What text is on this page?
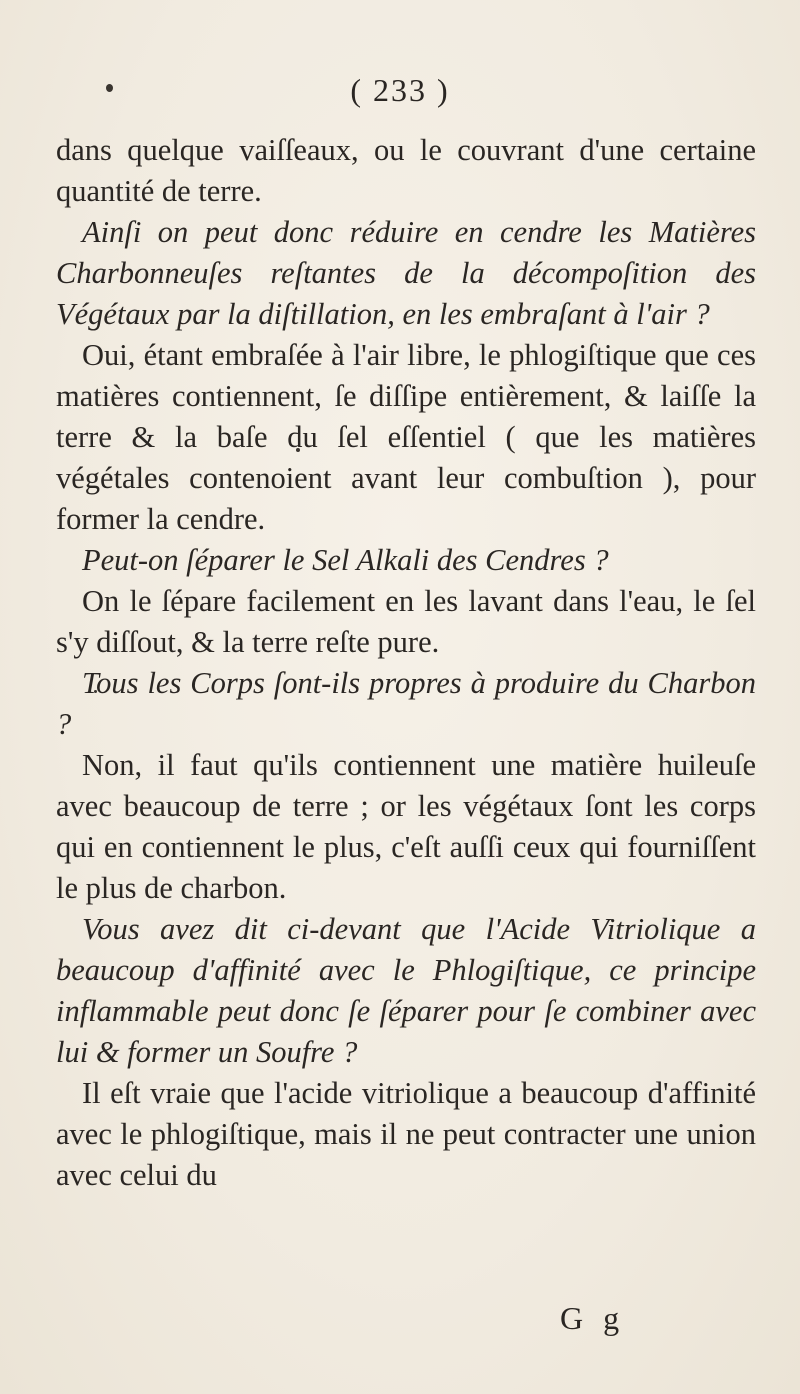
( 233 )

dans quelque vaiſſeaux, ou le couvrant d'une certaine quantité de terre.

Ainſi on peut donc réduire en cendre les Matières Charbonneuſes reſtantes de la décompoſition des Végétaux par la diſtillation, en les embraſant à l'air ?

Oui, étant embraſée à l'air libre, le phlogiſtique que ces matières contiennent, ſe diſſipe entièrement, & laiſſe la terre & la baſe du ſel eſſentiel ( que les matières végétales contenoient avant leur combuſtion ), pour former la cendre.

Peut-on ſéparer le Sel Alkali des Cendres ?

On le ſépare facilement en les lavant dans l'eau, le ſel s'y diſſout, & la terre reſte pure.

Tous les Corps ſont-ils propres à produire du Charbon ?

Non, il faut qu'ils contiennent une matière huileuſe avec beaucoup de terre ; or les végétaux ſont les corps qui en contiennent le plus, c'eſt auſſi ceux qui fourniſſent le plus de charbon.

Vous avez dit ci-devant que l'Acide Vitriolique a beaucoup d'affinité avec le Phlogiſtique, ce principe inflammable peut donc ſe ſéparer pour ſe combiner avec lui & former un Soufre ?

Il eſt vraie que l'acide vitriolique a beaucoup d'affinité avec le phlogiſtique, mais il ne peut contracter une union avec celui du

G g
